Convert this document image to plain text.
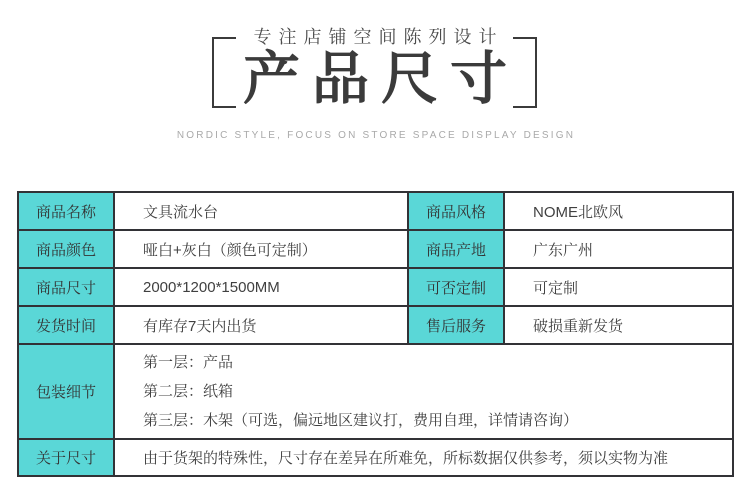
专注店铺空间陈列设计
产品尺寸
NORDIC STYLE, FOCUS ON STORE SPACE DISPLAY DESIGN
商品名称	文具流水台	商品风格	NOME北欧风
商品颜色	哑白+灰白（颜色可定制）	商品产地	广东广州
商品尺寸	2000*1200*1500MM	可否定制	可定制
发货时间	有库存7天内出货	售后服务	破损重新发货
包装细节	第一层：产品
第二层：纸箱
第三层：木架（可选，偏远地区建议打，费用自理，详情请咨询）		

关于尺寸	由于货架的特殊性，尺寸存在差异在所难免，所标数据仅供参考，须以实物为准		
